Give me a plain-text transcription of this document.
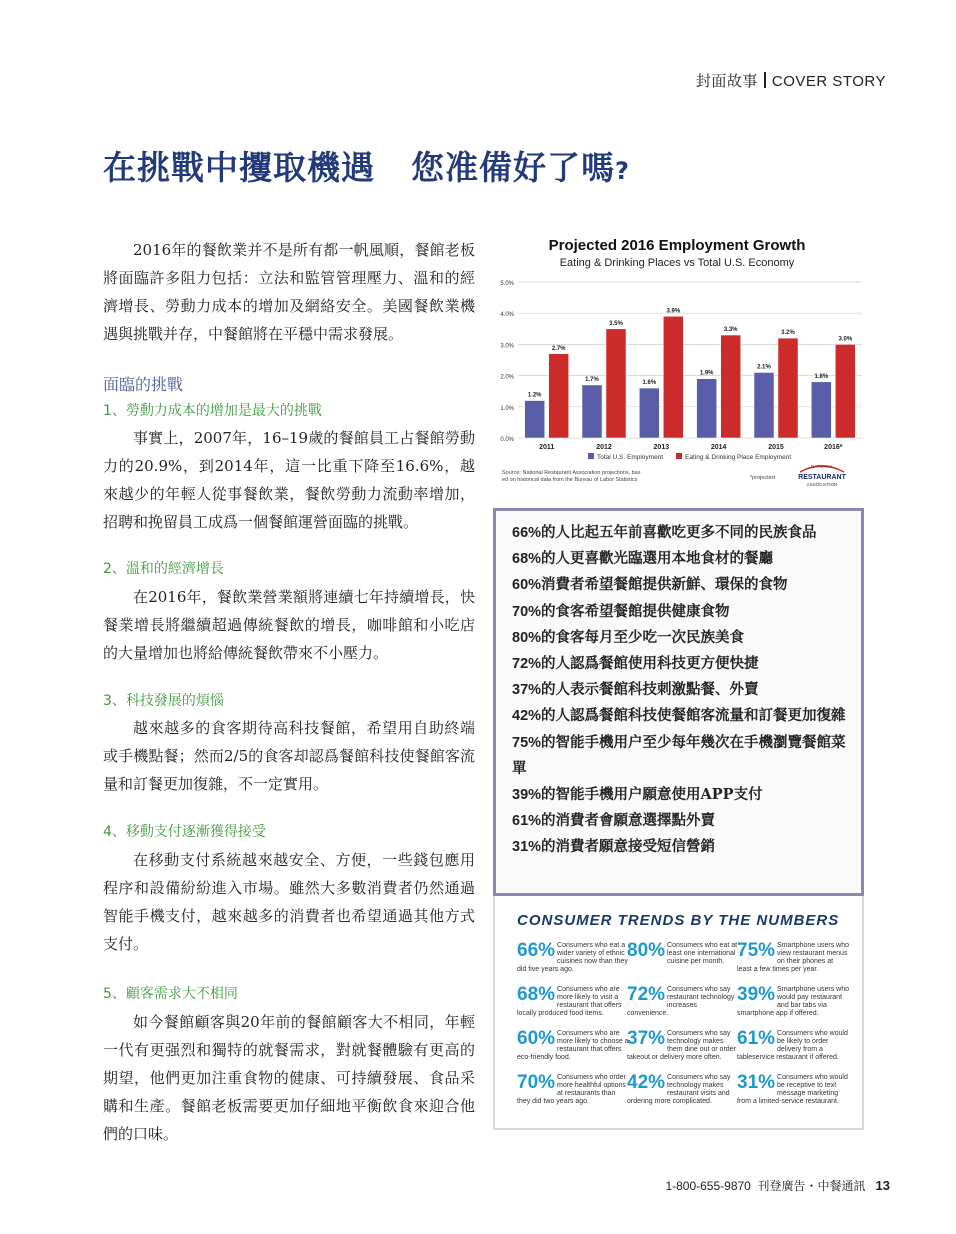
封面故事 COVER STORY
在挑戰中攫取機遇 您准備好了嗎?

2016年的餐飲業并不是所有都一帆風順，餐館老板將面臨許多阻力包括：立法和監管管理壓力、溫和的經濟增長、勞動力成本的增加及網絡安全。美國餐飲業機遇與挑戰并存，中餐館將在平穩中需求發展。

面臨的挑戰
1、勞動力成本的增加是最大的挑戰

事實上，2007年，16–19歲的餐館員工占餐館勞動力的20.9%，到2014年，這一比重下降至16.6%，越來越少的年輕人從事餐飲業，餐飲勞動力流動率增加，招聘和挽留員工成爲一個餐館運營面臨的挑戰。

2、溫和的經濟增長

在2016年，餐飲業營業額將連續七年持續增長，快餐業增長將繼續超過傳統餐飲的增長，咖啡館和小吃店的大量增加也將給傳統餐飲帶來不小壓力。

3、科技發展的煩惱

越來越多的食客期待高科技餐館，希望用自助終端或手機點餐；然而2/5的食客却認爲餐館科技使餐館客流量和訂餐更加復雜，不一定實用。

4、移動支付逐漸獲得接受

在移動支付系統越來越安全、方便，一些錢包應用程序和設備紛紛進入市場。雖然大多數消費者仍然通過智能手機支付，越來越多的消費者也希望通過其他方式支付。

5、顧客需求大不相同

如今餐館顧客與20年前的餐館顧客大不相同，年輕一代有更强烈和獨特的就餐需求，對就餐體驗有更高的期望，他們更加注重食物的健康、可持續發展、食品采購和生產。餐館老板需要更加仔細地平衡飲食來迎合他們的口味。

Projected 2016 Employment Growth
Eating & Drinking Places vs Total U.S. Economy
0.0%
1.0%
2.0%
3.0%
4.0%
5.0%
2011
1.2%
2.7%
2012
1.7%
3.5%
2013
1.6%
3.9%
2014
1.9%
3.3%
2015
2.1%
3.2%
2016*
1.8%
3.0%
Total U.S. Employment	Eating & Drinking Place Employment
Source: National Restaurant Association projections, bas
ed on historical data from the Bureau of Labor Statistics	*projected
NATIONAL
RESTAURANT
ASSOCIATION
66%的人比起五年前喜歡吃更多不同的民族食品
68%的人更喜歡光臨選用本地食材的餐廳
60%消費者希望餐館提供新鮮、環保的食物
70%的食客希望餐館提供健康食物
80%的食客每月至少吃一次民族美食
72%的人認爲餐館使用科技更方便快捷
37%的人表示餐館科技刺激點餐、外賣
42%的人認爲餐館科技使餐館客流量和訂餐更加復雜
75%的智能手機用户至少每年幾次在手機瀏覽餐館菜單
39%的智能手機用户願意使用APP支付
61%的消費者會願意選擇點外賣
31%的消費者願意接受短信營銷
CONSUMER TRENDS BY THE NUMBERS
66% Consumers who eat a wider variety of ethnic cuisines now than they did five years ago.
80% Consumers who eat at least one international cuisine per month.
75% Smartphone users who view restaurant menus on their phones at least a few times per year.
68% Consumers who are more likely to visit a restaurant that offers locally produced food items.
72% Consumers who say restaurant technology increases convenience.
39% Smartphone users who would pay restaurant and bar tabs via smartphone app if offered.
60% Consumers who are more likely to choose a restaurant that offers eco-friendly food.
37% Consumers who say technology makes them dine out or order takeout or delivery more often.
61% Consumers who would be likely to order delivery from a tableservice restaurant if offered.
70% Consumers who order more healthful options at restaurants than they did two years ago.
42% Consumers who say technology makes restaurant visits and ordering more complicated.
31% Consumers who would be receptive to text message marketing from a limited-service restaurant.
1-800-655-9870 刊登廣告・中餐通訊 13
